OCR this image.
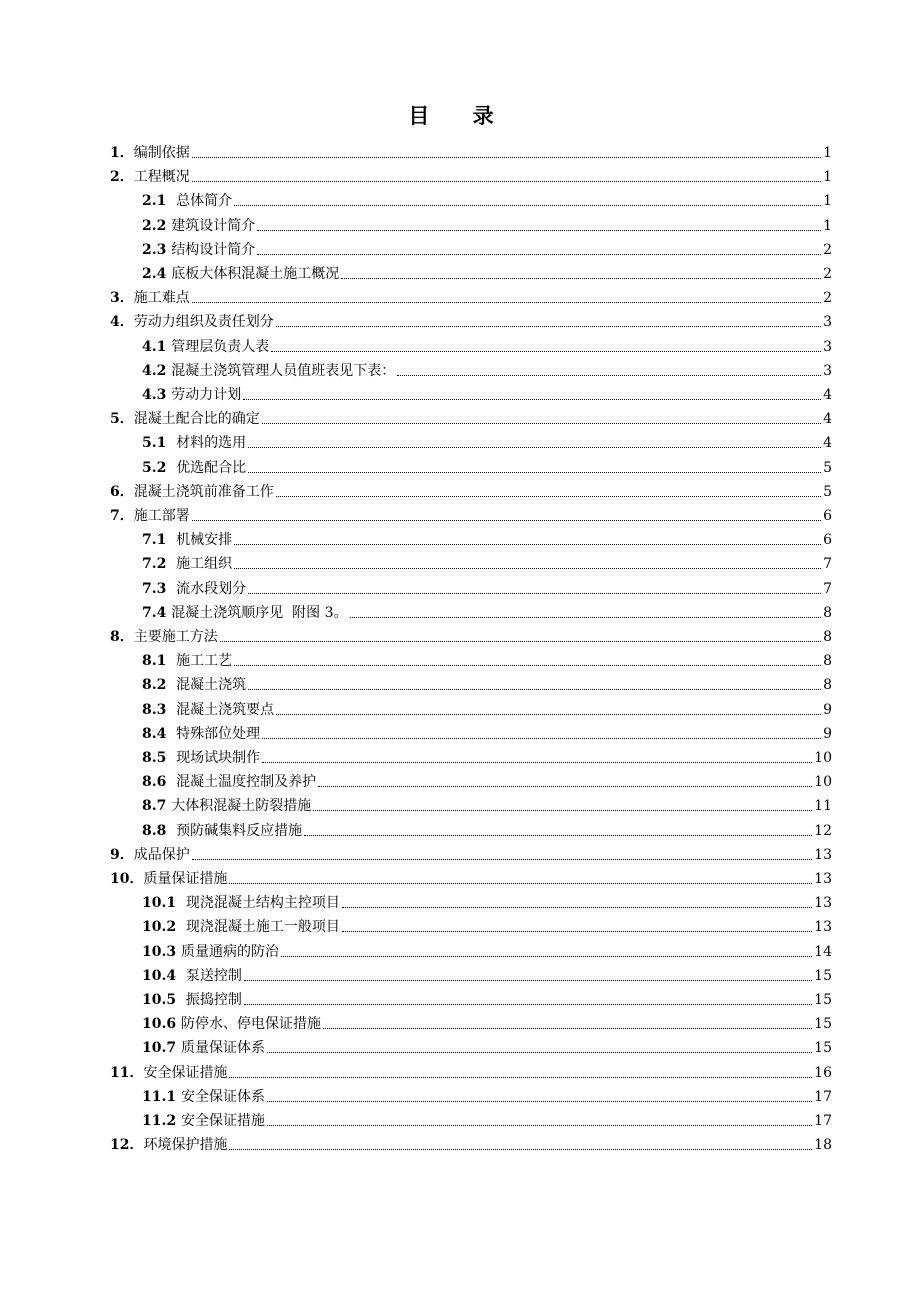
目 录
1． 编制依据	1
2． 工程概况	1
2.1 总体简介	1
2.2 建筑设计简介	1
2.3 结构设计简介	2
2.4 底板大体积混凝土施工概况	2
3． 施工难点	2
4． 劳动力组织及责任划分	3
4.1 管理层负责人表	3
4.2 混凝土浇筑管理人员值班表见下表：	3
4.3 劳动力计划	4
5． 混凝土配合比的确定	4
5.1 材料的选用	4
5.2 优选配合比	5
6． 混凝土浇筑前准备工作	5
7． 施工部署	6
7.1 机械安排	6
7.2 施工组织	7
7.3 流水段划分	7
7.4 混凝土浇筑顺序见  附图 3。	8
8． 主要施工方法	8
8.1 施工工艺	8
8.2 混凝土浇筑	8
8.3 混凝土浇筑要点	9
8.4 特殊部位处理	9
8.5 现场试块制作	10
8.6 混凝土温度控制及养护	10
8.7 大体积混凝土防裂措施	11
8.8 预防碱集料反应措施	12
9． 成品保护	13
10． 质量保证措施	13
10.1 现浇混凝土结构主控项目	13
10.2 现浇混凝土施工一般项目	13
10.3 质量通病的防治	14
10.4 泵送控制	15
10.5 振捣控制	15
10.6 防停水、停电保证措施	15
10.7 质量保证体系	15
11． 安全保证措施	16
11.1 安全保证体系	17
11.2 安全保证措施	17
12． 环境保护措施	18
